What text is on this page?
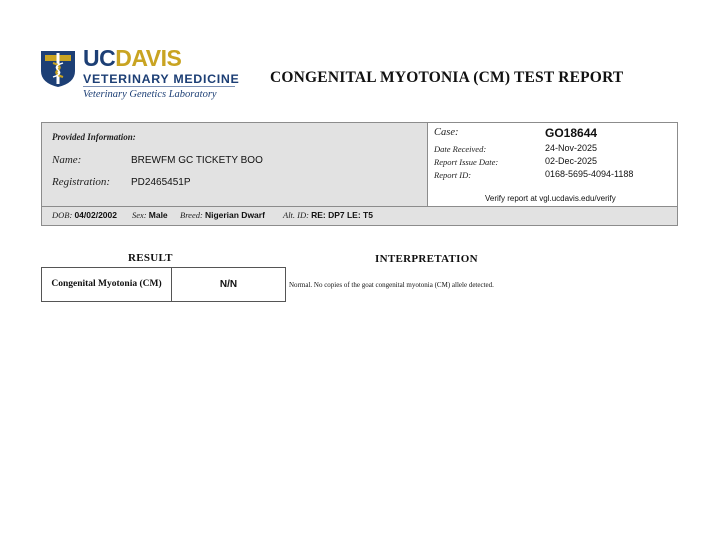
UCDAVIS
VETERINARY MEDICINE
Veterinary Genetics Laboratory
CONGENITAL MYOTONIA (CM) TEST REPORT
Provided Information:
Name:	BREWFM GC TICKETY BOO
Registration: PD2465451P
Case:	GO18644
Date Received:	24-Nov-2025
Report Issue Date:	02-Dec-2025
Report ID:	0168-5695-4094-1188
Verify report at vgl.ucdavis.edu/verify
DOB: 04/02/2002 Sex: Male Breed: Nigerian Dwarf Alt. ID: RE: DP7 LE: T5
RESULT	INTERPRETATION
Congenital Myotonia (CM)	N/N	Normal. No copies of the goat congenital myotonia (CM) allele detected.
